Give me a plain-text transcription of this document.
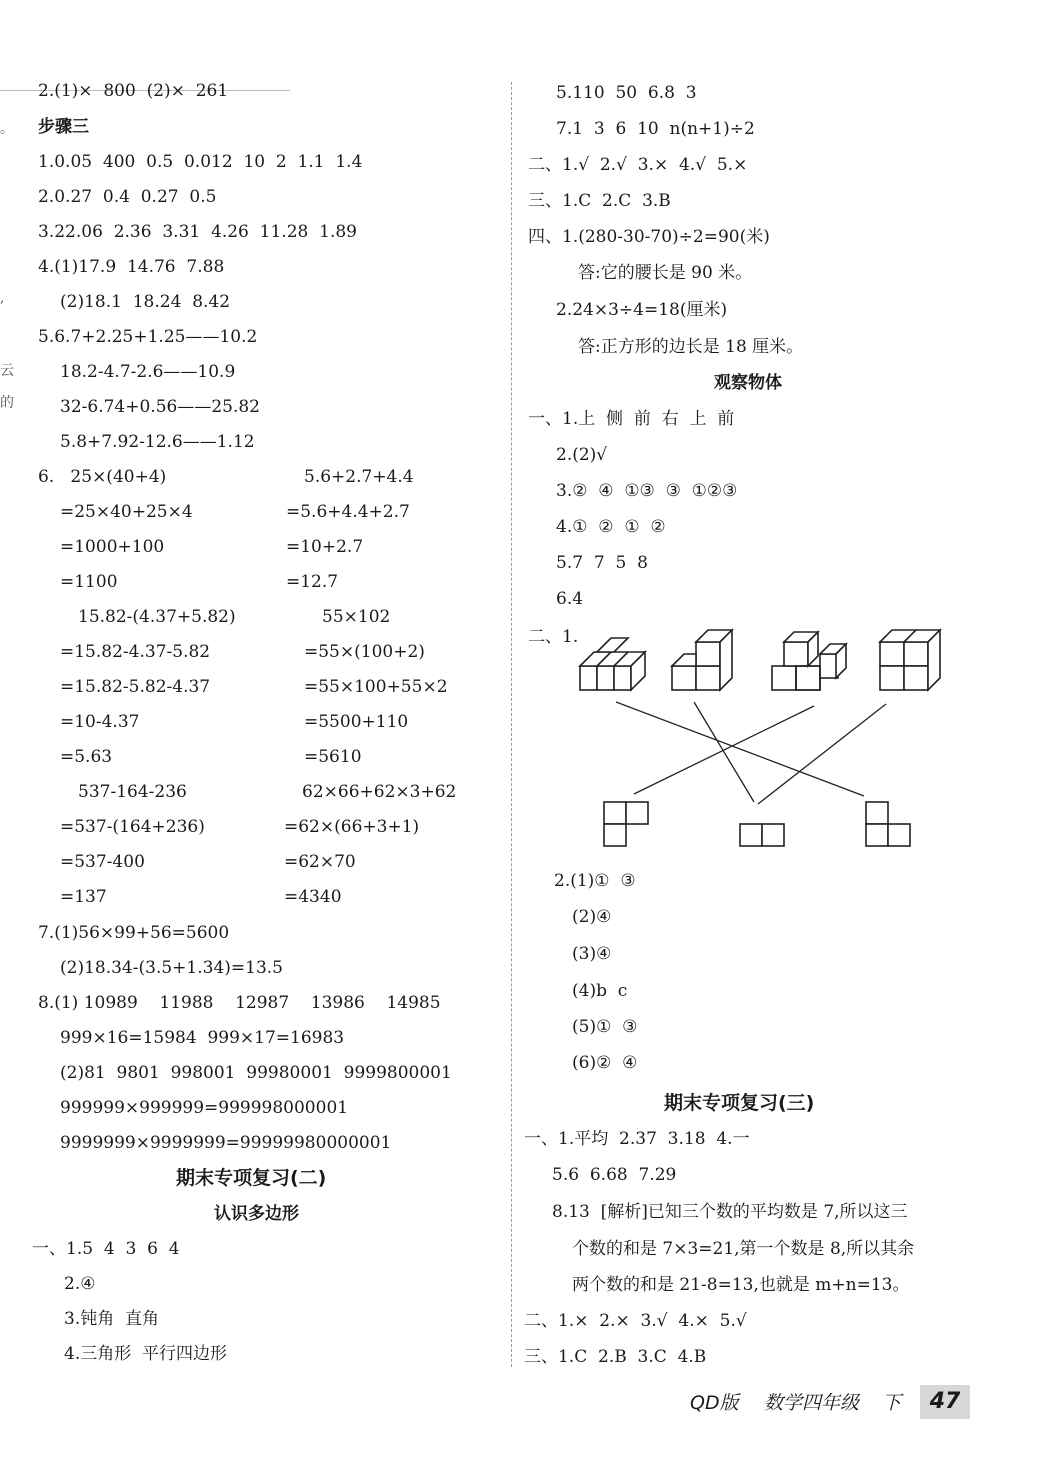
。
,
云
的
2.(1)×  800  (2)×  261
步骤三
1.0.05  400  0.5  0.012  10  2  1.1  1.4
2.0.27  0.4  0.27  0.5
3.22.06  2.36  3.31  4.26  11.28  1.89
4.(1)17.9  14.76  7.88
(2)18.1  18.24  8.42
5.6.7+2.25+1.25——10.2
18.2-4.7-2.6——10.9
32-6.74+0.56——25.82
5.8+7.92-12.6——1.12
6.   25×(40+4)
=25×40+25×4
=1000+100
=1100
15.82-(4.37+5.82)
=15.82-4.37-5.82
=15.82-5.82-4.37
=10-4.37
=5.63
537-164-236
=537-(164+236)
=537-400
=137
5.6+2.7+4.4
=5.6+4.4+2.7
=10+2.7
=12.7
55×102
=55×(100+2)
=55×100+55×2
=5500+110
=5610
62×66+62×3+62
=62×(66+3+1)
=62×70
=4340
7.(1)56×99+56=5600
(2)18.34-(3.5+1.34)=13.5
8.(1) 10989    11988    12987    13986    14985
999×16=15984  999×17=16983
(2)81  9801  998001  99980001  9999800001
999999×999999=999998000001
9999999×9999999=99999980000001
期末专项复习(二)
认识多边形
一、1.5  4  3  6  4
2.④
3.钝角  直角
4.三角形  平行四边形
5.110  50  6.8  3
7.1  3  6  10  n(n+1)÷2
二、1.√  2.√  3.×  4.√  5.×
三、1.C  2.C  3.B
四、1.(280-30-70)÷2=90(米)
答:它的腰长是 90 米。
2.24×3÷4=18(厘米)
答:正方形的边长是 18 厘米。
观察物体
一、1.上  侧  前  右  上  前
2.(2)√
3.②  ④  ①③  ③  ①②③
4.①  ②  ①  ②
5.7  7  5  8
6.4
二、1.
2.(1)①  ③
(2)④
(3)④
(4)b  c
(5)①  ③
(6)②  ④
期末专项复习(三)
一、1.平均  2.37  3.18  4.一
5.6  6.68  7.29
8.13  [解析]已知三个数的平均数是 7,所以这三
个数的和是 7×3=21,第一个数是 8,所以其余
两个数的和是 21-8=13,也就是 m+n=13。
二、1.×  2.×  3.√  4.×  5.√
三、1.C  2.B  3.C  4.B
QD版 数学四年级 下	47
